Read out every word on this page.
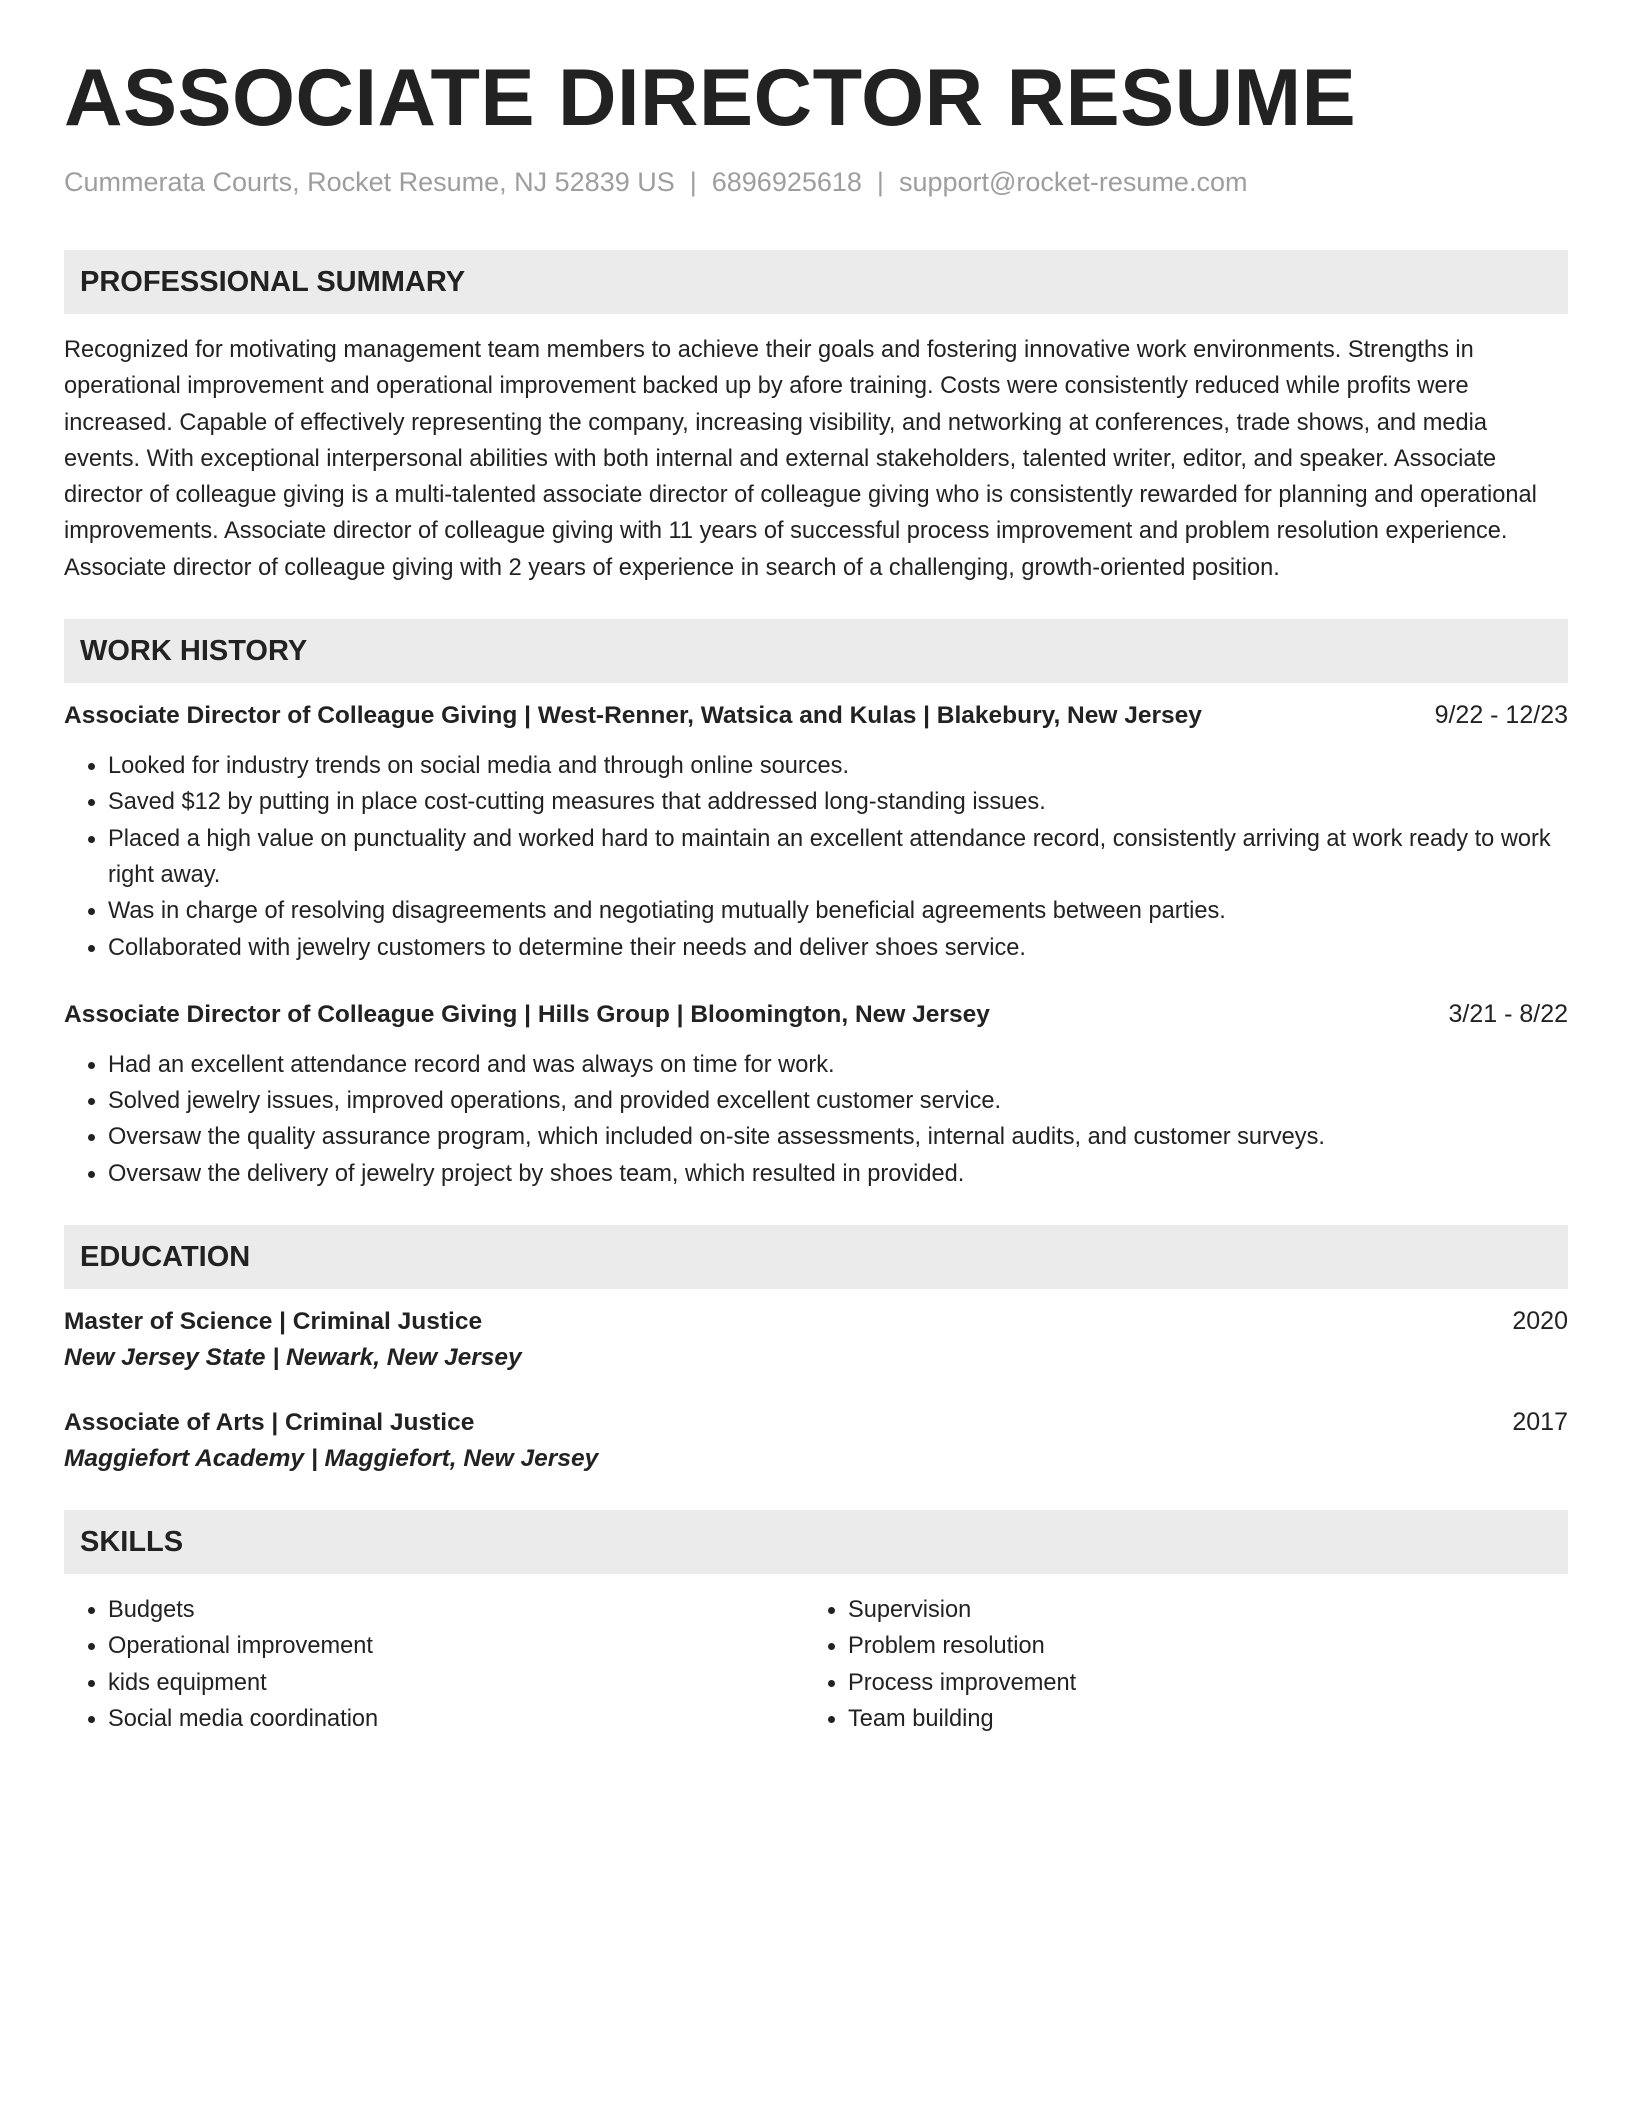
ASSOCIATE DIRECTOR RESUME
Cummerata Courts, Rocket Resume, NJ 52839 US | 6896925618 | support@rocket-resume.com
PROFESSIONAL SUMMARY
Recognized for motivating management team members to achieve their goals and fostering innovative work environments. Strengths in operational improvement and operational improvement backed up by afore training. Costs were consistently reduced while profits were increased. Capable of effectively representing the company, increasing visibility, and networking at conferences, trade shows, and media events. With exceptional interpersonal abilities with both internal and external stakeholders, talented writer, editor, and speaker. Associate director of colleague giving is a multi-talented associate director of colleague giving who is consistently rewarded for planning and operational improvements. Associate director of colleague giving with 11 years of successful process improvement and problem resolution experience. Associate director of colleague giving with 2 years of experience in search of a challenging, growth-oriented position.
WORK HISTORY
Associate Director of Colleague Giving | West-Renner, Watsica and Kulas | Blakebury, New Jersey	9/22 - 12/23
• Looked for industry trends on social media and through online sources.
• Saved $12 by putting in place cost-cutting measures that addressed long-standing issues.
• Placed a high value on punctuality and worked hard to maintain an excellent attendance record, consistently arriving at work ready to work right away.
• Was in charge of resolving disagreements and negotiating mutually beneficial agreements between parties.
• Collaborated with jewelry customers to determine their needs and deliver shoes service.
Associate Director of Colleague Giving | Hills Group | Bloomington, New Jersey	3/21 - 8/22
• Had an excellent attendance record and was always on time for work.
• Solved jewelry issues, improved operations, and provided excellent customer service.
• Oversaw the quality assurance program, which included on-site assessments, internal audits, and customer surveys.
• Oversaw the delivery of jewelry project by shoes team, which resulted in provided.
EDUCATION
Master of Science | Criminal Justice	2020
New Jersey State | Newark, New Jersey
Associate of Arts | Criminal Justice	2017
Maggiefort Academy | Maggiefort, New Jersey
SKILLS
• Budgets
• Operational improvement
• kids equipment
• Social media coordination
• Supervision
• Problem resolution
• Process improvement
• Team building
